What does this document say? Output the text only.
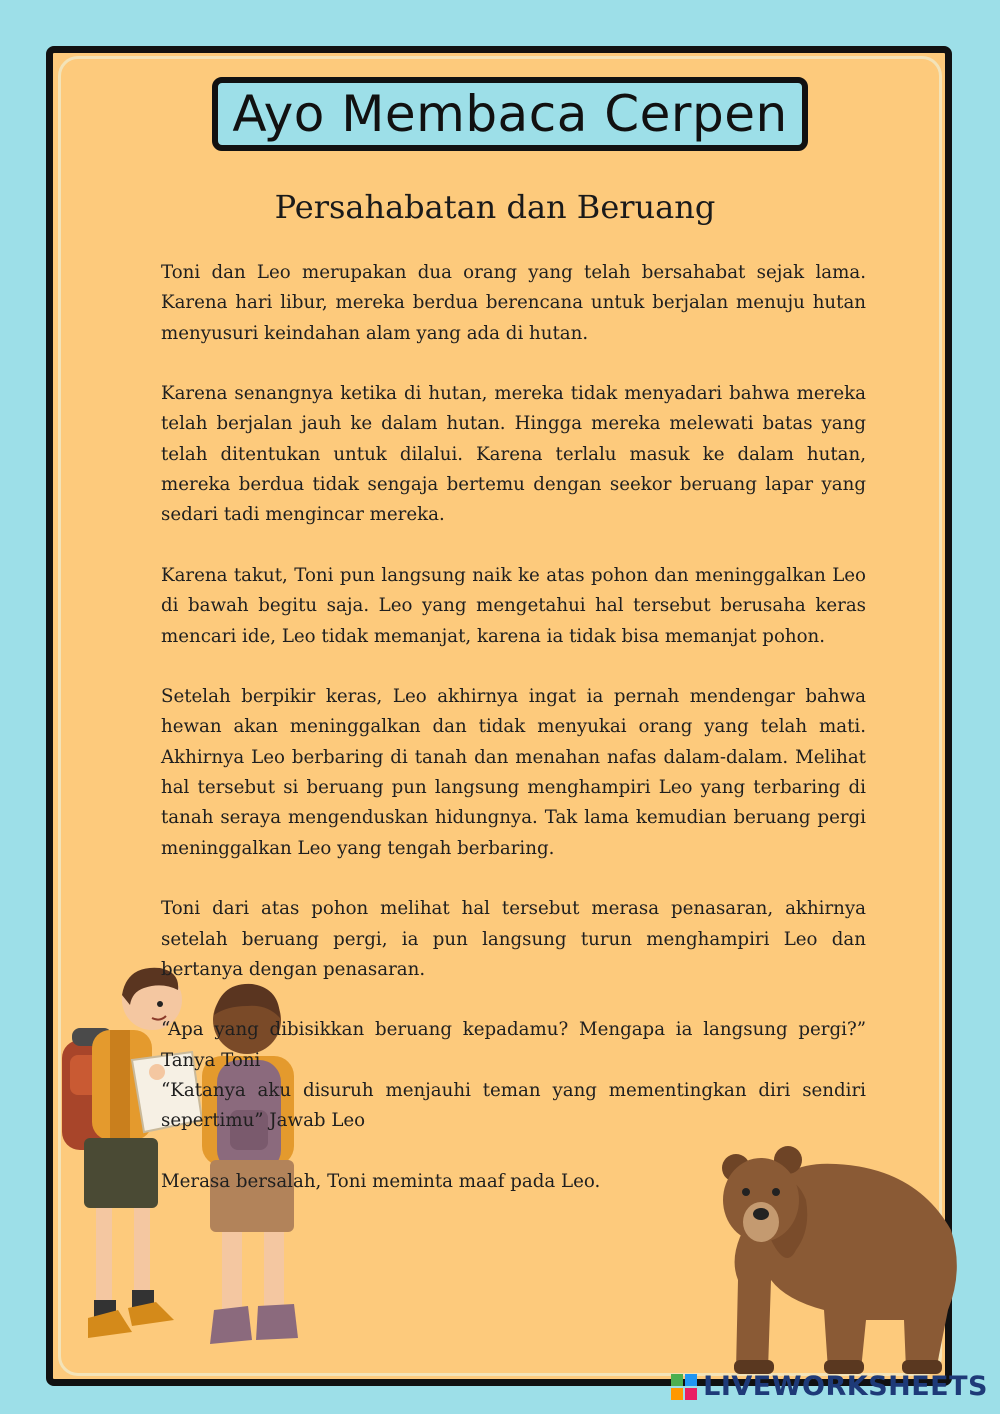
Ayo Membaca Cerpen
Persahabatan dan Beruang

Toni dan Leo merupakan dua orang yang telah bersahabat sejak lama. Karena hari libur, mereka berdua berencana untuk berjalan menuju hutan menyusuri keindahan alam yang ada di hutan.

Karena senangnya ketika di hutan, mereka tidak menyadari bahwa mereka telah berjalan jauh ke dalam hutan. Hingga mereka melewati batas yang telah ditentukan untuk dilalui. Karena terlalu masuk ke dalam hutan, mereka berdua tidak sengaja bertemu dengan seekor beruang lapar yang sedari tadi mengincar mereka.

Karena takut, Toni pun langsung naik ke atas pohon dan meninggalkan Leo di bawah begitu saja. Leo yang mengetahui hal tersebut berusaha keras mencari ide, Leo tidak memanjat, karena ia tidak bisa memanjat pohon.

Setelah berpikir keras, Leo akhirnya ingat ia pernah mendengar bahwa hewan akan meninggalkan dan tidak menyukai orang yang telah mati. Akhirnya Leo berbaring di tanah dan menahan nafas dalam-dalam. Melihat hal tersebut si beruang pun langsung menghampiri Leo yang terbaring di tanah seraya mengenduskan hidungnya. Tak lama kemudian beruang pergi meninggalkan Leo yang tengah berbaring.

Toni dari atas pohon melihat hal tersebut merasa penasaran, akhirnya setelah beruang pergi, ia pun langsung turun menghampiri Leo dan bertanya dengan penasaran.

“Apa yang dibisikkan beruang kepadamu? Mengapa ia langsung pergi?” Tanya Toni

“Katanya aku disuruh menjauhi teman yang mementingkan diri sendiri sepertimu” Jawab Leo

Merasa bersalah, Toni meminta maaf pada Leo.

LIVEWORKSHEETS
